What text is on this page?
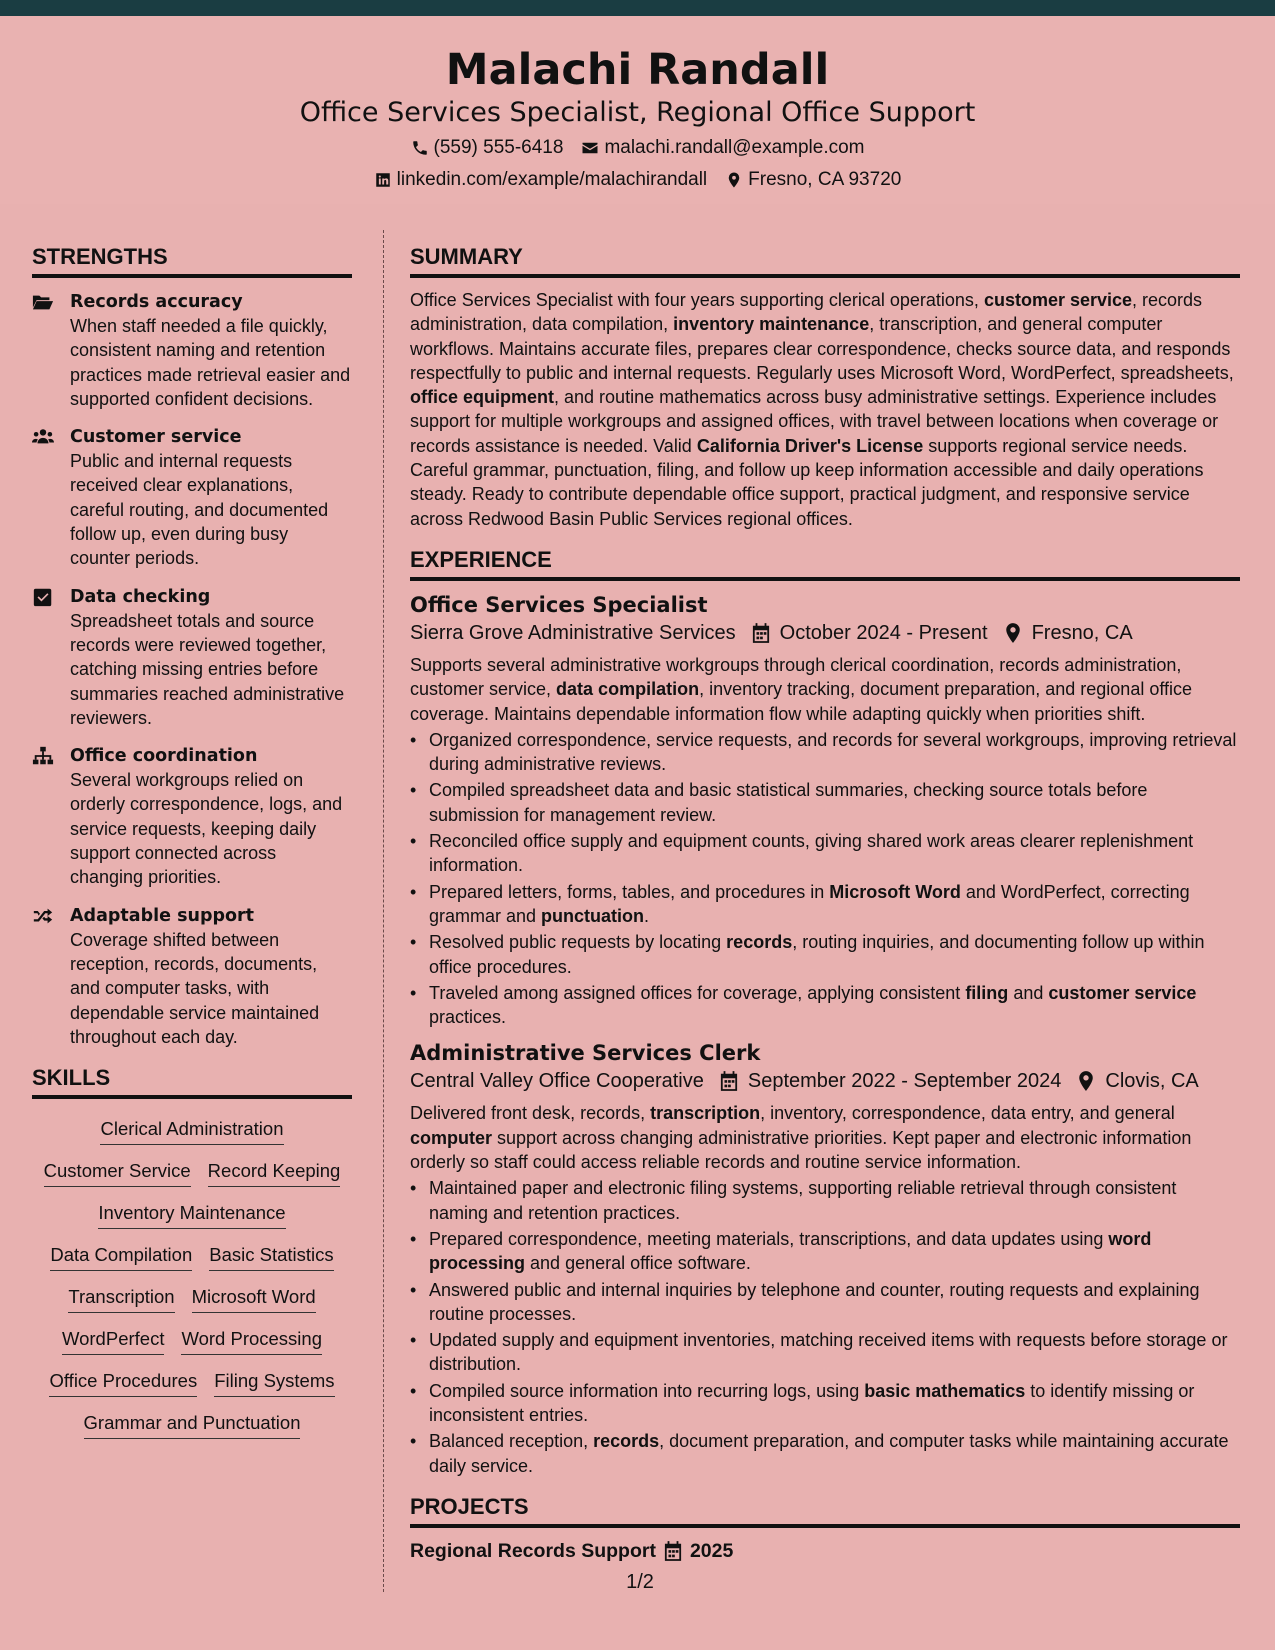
Malachi Randall
Office Services Specialist, Regional Office Support
(559) 555-6418 malachi.randall@example.com
linkedin.com/example/malachirandall Fresno, CA 93720
STRENGTHS
Records accuracy
When staff needed a file quickly, consistent naming and retention practices made retrieval easier and supported confident decisions.
Customer service
Public and internal requests received clear explanations, careful routing, and documented follow up, even during busy counter periods.
Data checking
Spreadsheet totals and source records were reviewed together, catching missing entries before summaries reached administrative reviewers.
Office coordination
Several workgroups relied on orderly correspondence, logs, and service requests, keeping daily support connected across changing priorities.
Adaptable support
Coverage shifted between reception, records, documents, and computer tasks, with dependable service maintained throughout each day.
SKILLS
Clerical Administration
Customer Service Record Keeping
Inventory Maintenance
Data Compilation Basic Statistics
Transcription Microsoft Word
WordPerfect Word Processing
Office Procedures Filing Systems
Grammar and Punctuation
SUMMARY

Office Services Specialist with four years supporting clerical operations, customer service, records administration, data compilation, inventory maintenance, transcription, and general computer workflows. Maintains accurate files, prepares clear correspondence, checks source data, and responds respectfully to public and internal requests. Regularly uses Microsoft Word, WordPerfect, spreadsheets, office equipment, and routine mathematics across busy administrative settings. Experience includes support for multiple workgroups and assigned offices, with travel between locations when coverage or records assistance is needed. Valid California Driver's License supports regional service needs. Careful grammar, punctuation, filing, and follow up keep information accessible and daily operations steady. Ready to contribute dependable office support, practical judgment, and responsive service across Redwood Basin Public Services regional offices.

EXPERIENCE
Office Services Specialist
Sierra Grove Administrative Services October 2024 - Present Fresno, CA
Supports several administrative workgroups through clerical coordination, records administration, customer service, data compilation, inventory tracking, document preparation, and regional office coverage. Maintains dependable information flow while adapting quickly when priorities shift.
• Organized correspondence, service requests, and records for several workgroups, improving retrieval during administrative reviews.
• Compiled spreadsheet data and basic statistical summaries, checking source totals before submission for management review.
• Reconciled office supply and equipment counts, giving shared work areas clearer replenishment information.
• Prepared letters, forms, tables, and procedures in Microsoft Word and WordPerfect, correcting grammar and punctuation.
• Resolved public requests by locating records, routing inquiries, and documenting follow up within office procedures.
• Traveled among assigned offices for coverage, applying consistent filing and customer service practices.
Administrative Services Clerk
Central Valley Office Cooperative September 2022 - September 2024 Clovis, CA
Delivered front desk, records, transcription, inventory, correspondence, data entry, and general computer support across changing administrative priorities. Kept paper and electronic information orderly so staff could access reliable records and routine service information.
• Maintained paper and electronic filing systems, supporting reliable retrieval through consistent naming and retention practices.
• Prepared correspondence, meeting materials, transcriptions, and data updates using word processing and general office software.
• Answered public and internal inquiries by telephone and counter, routing requests and explaining routine processes.
• Updated supply and equipment inventories, matching received items with requests before storage or distribution.
• Compiled source information into recurring logs, using basic mathematics to identify missing or inconsistent entries.
• Balanced reception, records, document preparation, and computer tasks while maintaining accurate daily service.
PROJECTS
Regional Records Support 2025
1/2
